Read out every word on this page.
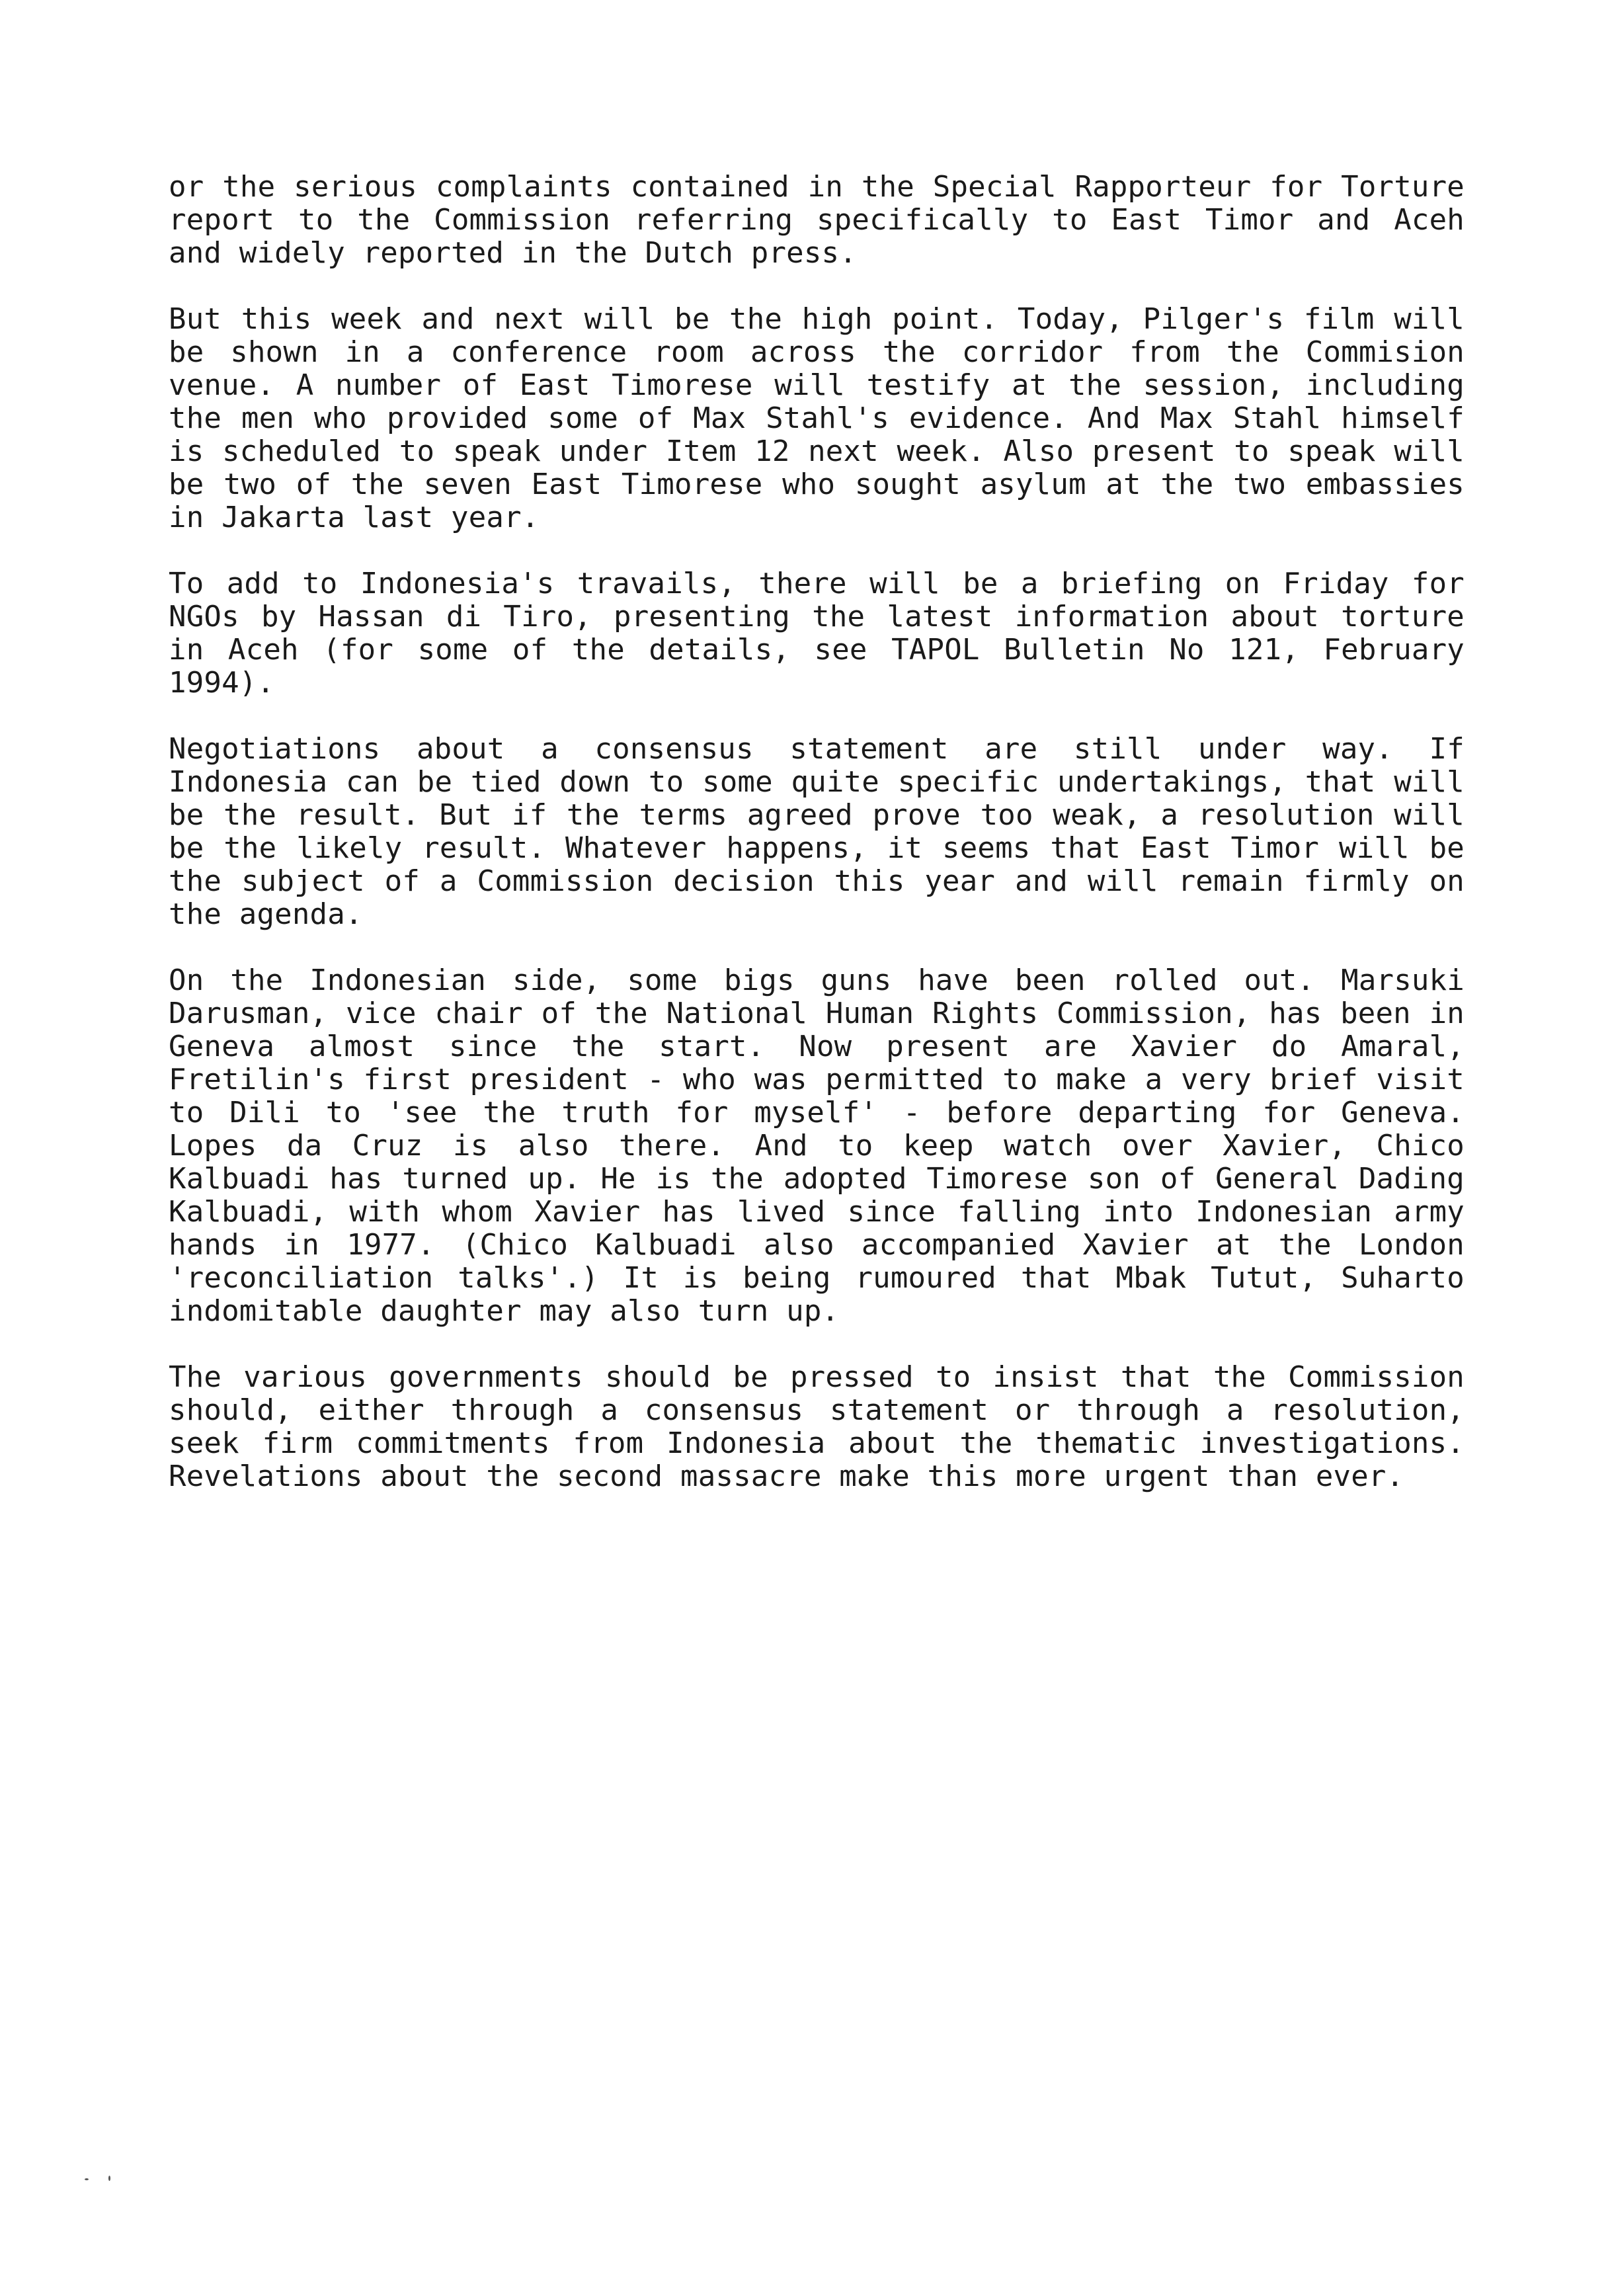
or the serious complaints contained in the Special Rapporteur for Torture report to the Commission referring specifically to East Timor and Aceh and widely reported in the Dutch press.

But this week and next will be the high point. Today, Pilger's film will be shown in a conference room across the corridor from the Commision venue. A number of East Timorese will testify at the session, including the men who provided some of Max Stahl's evidence. And Max Stahl himself is scheduled to speak under Item 12 next week. Also present to speak will be two of the seven East Timorese who sought asylum at the two embassies in Jakarta last year.

To add to Indonesia's travails, there will be a briefing on Friday for NGOs by Hassan di Tiro, presenting the latest information about torture in Aceh (for some of the details, see TAPOL Bulletin No 121, February 1994).

Negotiations about a consensus statement are still under way. If Indonesia can be tied down to some quite specific undertakings, that will be the result. But if the terms agreed prove too weak, a resolution will be the likely result. Whatever happens, it seems that East Timor will be the subject of a Commission decision this year and will remain firmly on the agenda.

On the Indonesian side, some bigs guns have been rolled out. Marsuki Darusman, vice chair of the National Human Rights Commission, has been in Geneva almost since the start. Now present are Xavier do Amaral, Fretilin's first president - who was permitted to make a very brief visit to Dili to 'see the truth for myself' - before departing for Geneva. Lopes da Cruz is also there. And to keep watch over Xavier, Chico Kalbuadi has turned up. He is the adopted Timorese son of General Dading Kalbuadi, with whom Xavier has lived since falling into Indonesian army hands in 1977. (Chico Kalbuadi also accompanied Xavier at the London 'reconciliation talks'.) It is being rumoured that Mbak Tutut, Suharto indomitable daughter may also turn up.

The various governments should be pressed to insist that the Commission should, either through a consensus statement or through a resolution, seek firm commitments from Indonesia about the thematic investigations. Revelations about the second massacre make this more urgent than ever.
